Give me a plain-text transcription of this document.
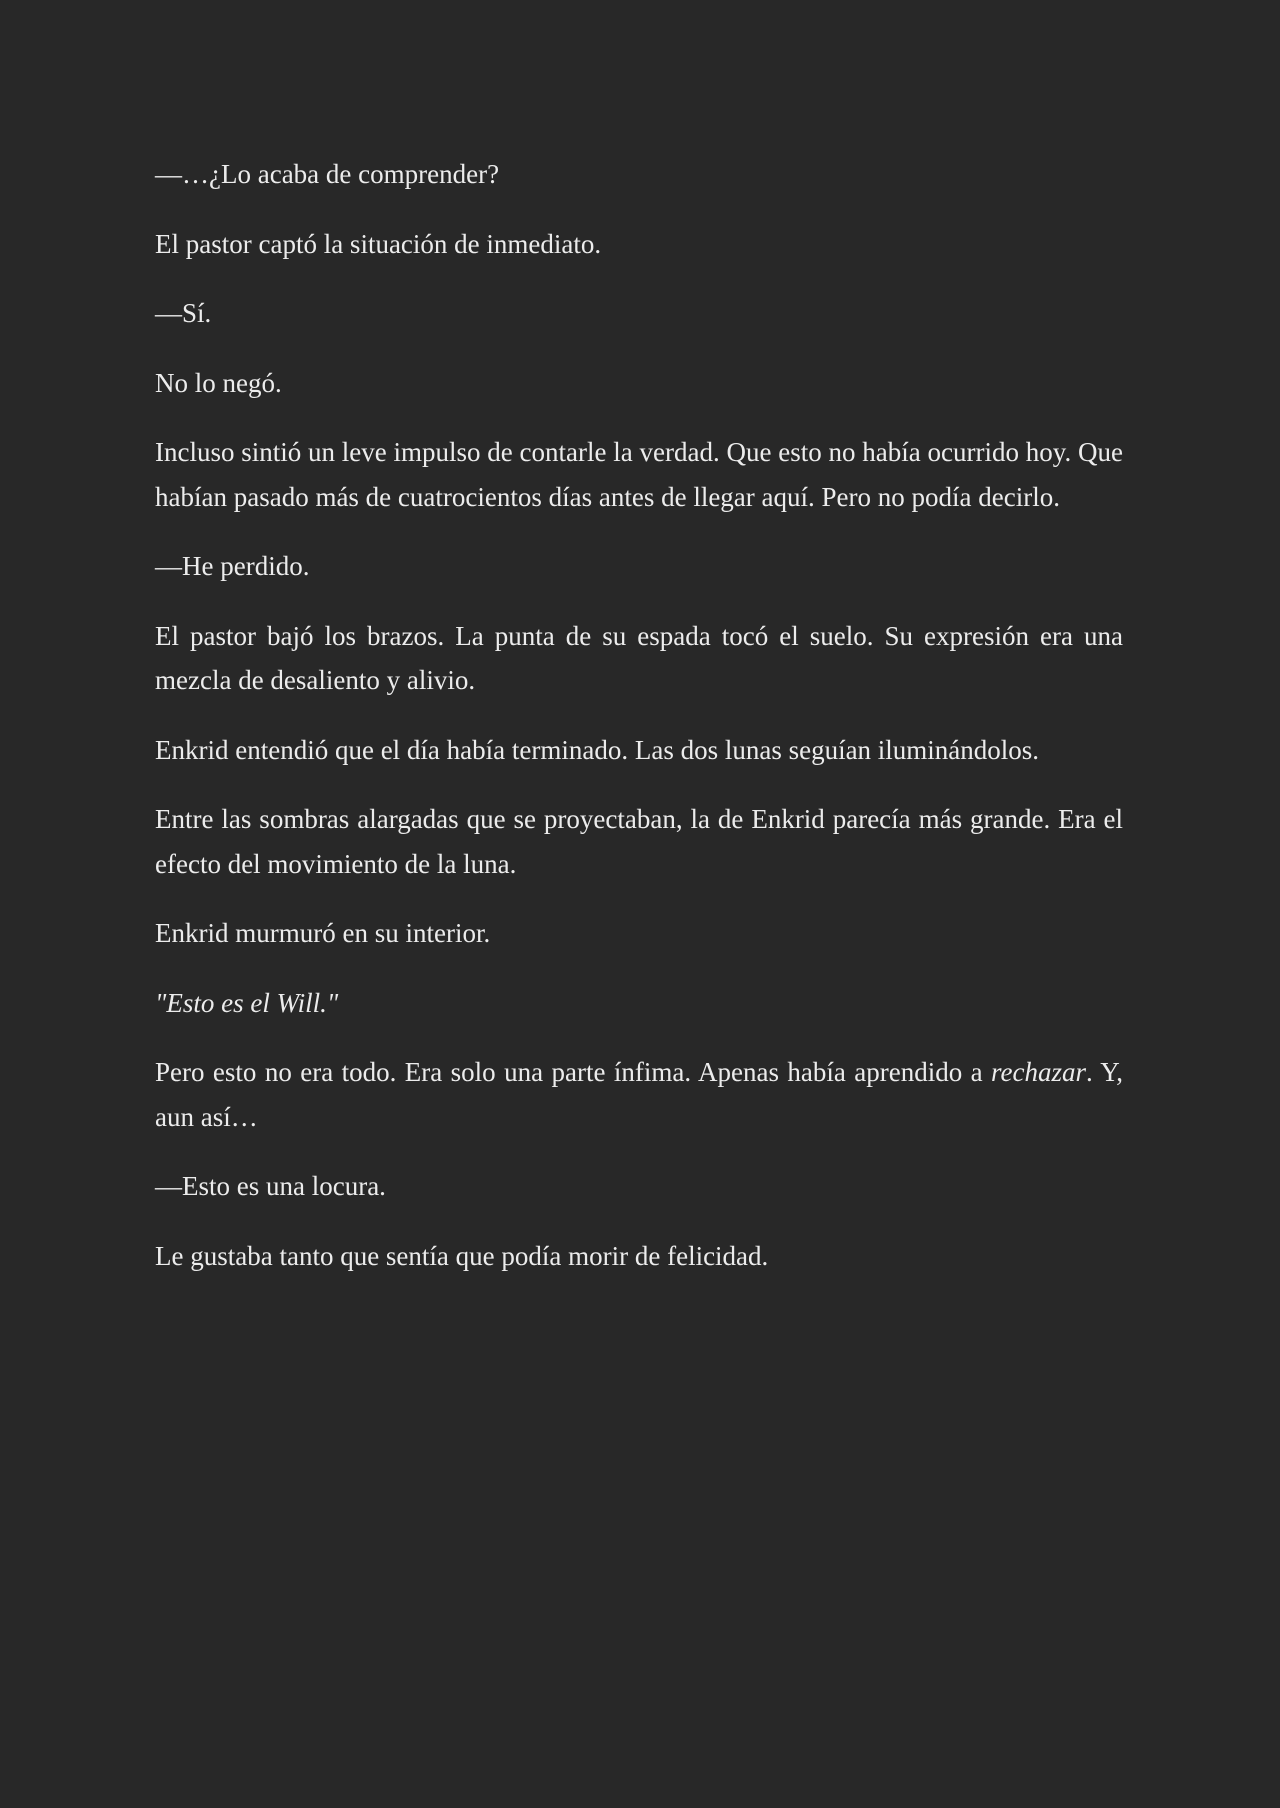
—…¿Lo acaba de comprender?

El pastor captó la situación de inmediato.

—Sí.

No lo negó.

Incluso sintió un leve impulso de contarle la verdad. Que esto no había ocurrido hoy. Que habían pasado más de cuatrocientos días antes de llegar aquí. Pero no podía decirlo.

—He perdido.

El pastor bajó los brazos. La punta de su espada tocó el suelo. Su expresión era una mezcla de desaliento y alivio.

Enkrid entendió que el día había terminado. Las dos lunas seguían iluminándolos.

Entre las sombras alargadas que se proyectaban, la de Enkrid parecía más grande. Era el efecto del movimiento de la luna.

Enkrid murmuró en su interior.

"Esto es el Will."

Pero esto no era todo. Era solo una parte ínfima. Apenas había aprendido a rechazar. Y, aun así…

—Esto es una locura.

Le gustaba tanto que sentía que podía morir de felicidad.
